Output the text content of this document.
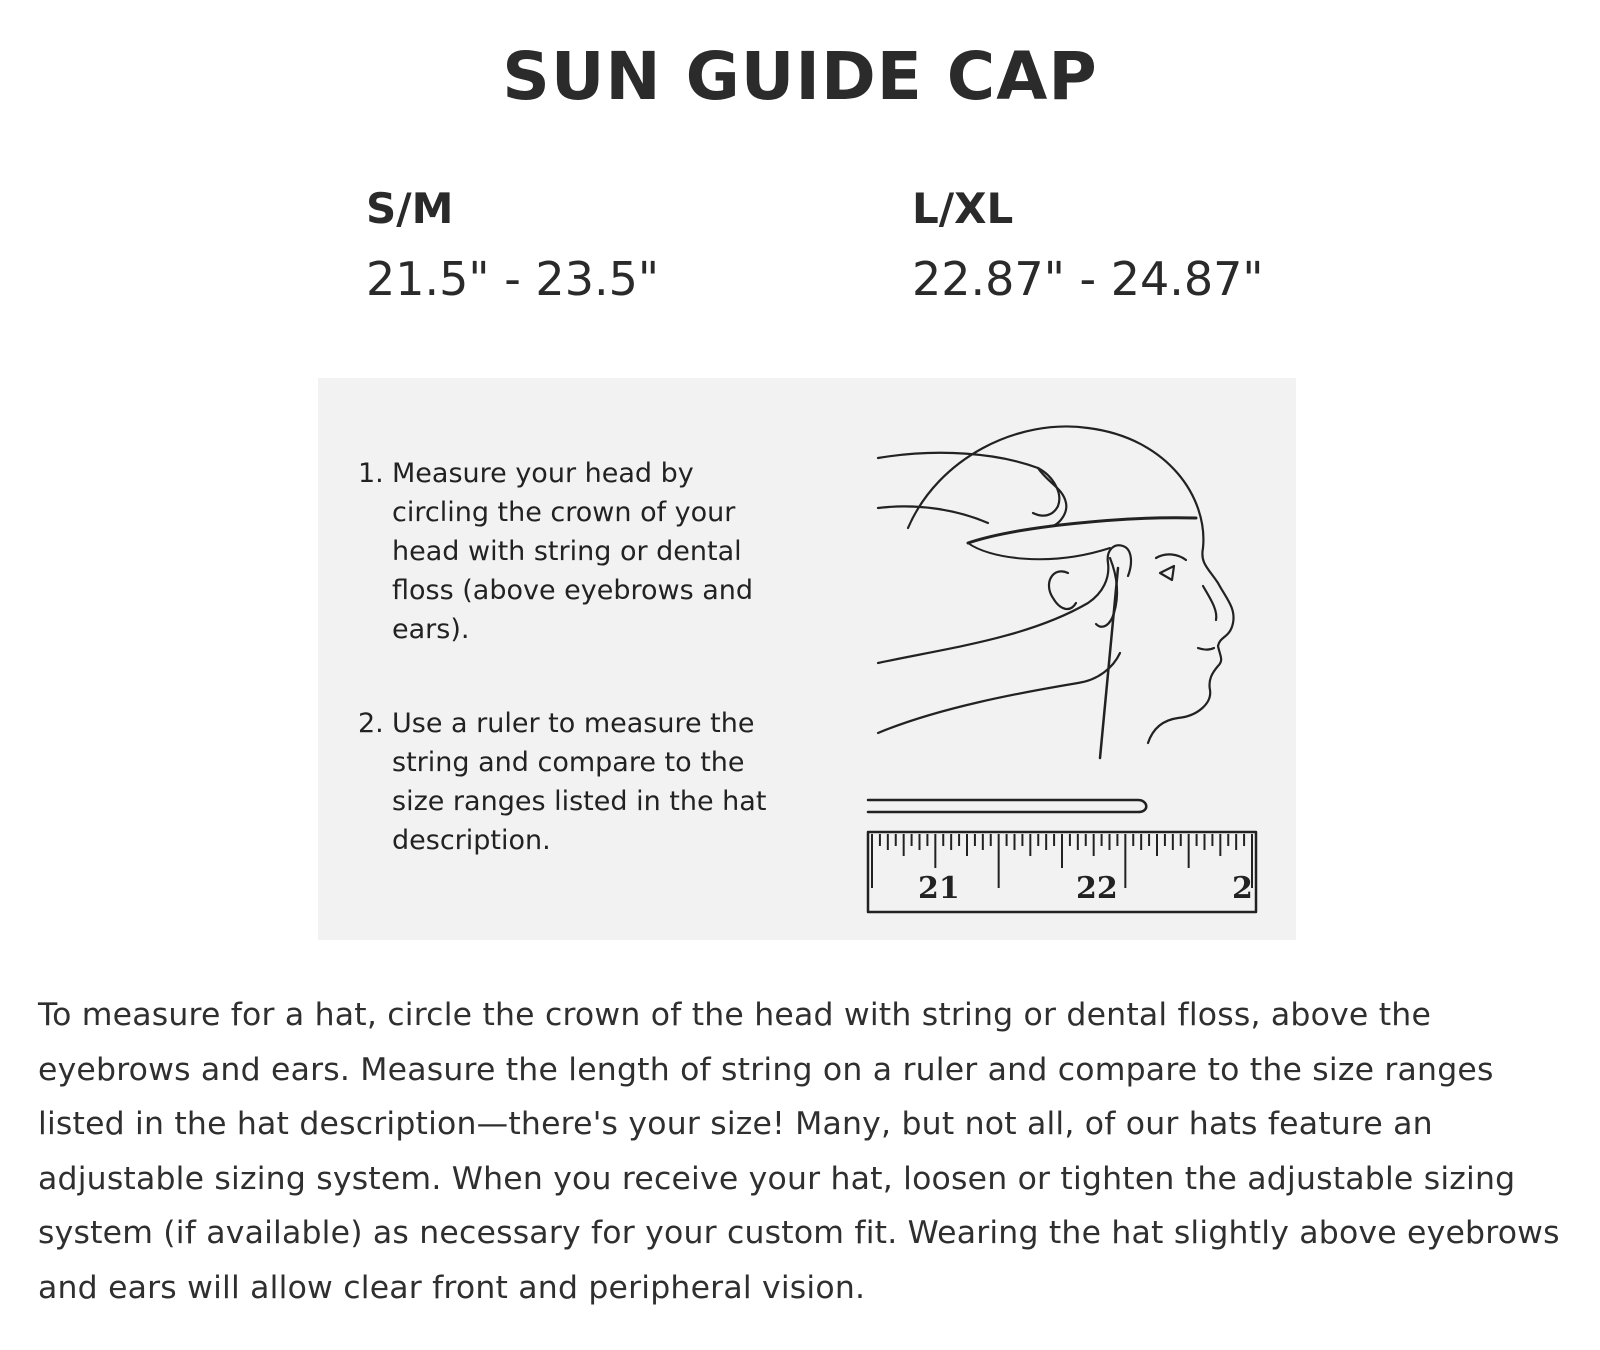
SUN GUIDE CAP
S/M
21.5" - 23.5"
L/XL
22.87" - 24.87"
1. Measure your head by circling the crown of your head with string or dental floss (above eyebrows and ears).
2. Use a ruler to measure the string and compare to the size ranges listed in the hat description.
21	22	2

To measure for a hat, circle the crown of the head with string or dental floss, above the eyebrows and ears. Measure the length of string on a ruler and compare to the size ranges listed in the hat description—there's your size! Many, but not all, of our hats feature an adjustable sizing system. When you receive your hat, loosen or tighten the adjustable sizing system (if available) as necessary for your custom fit. Wearing the hat slightly above eyebrows and ears will allow clear front and peripheral vision.
